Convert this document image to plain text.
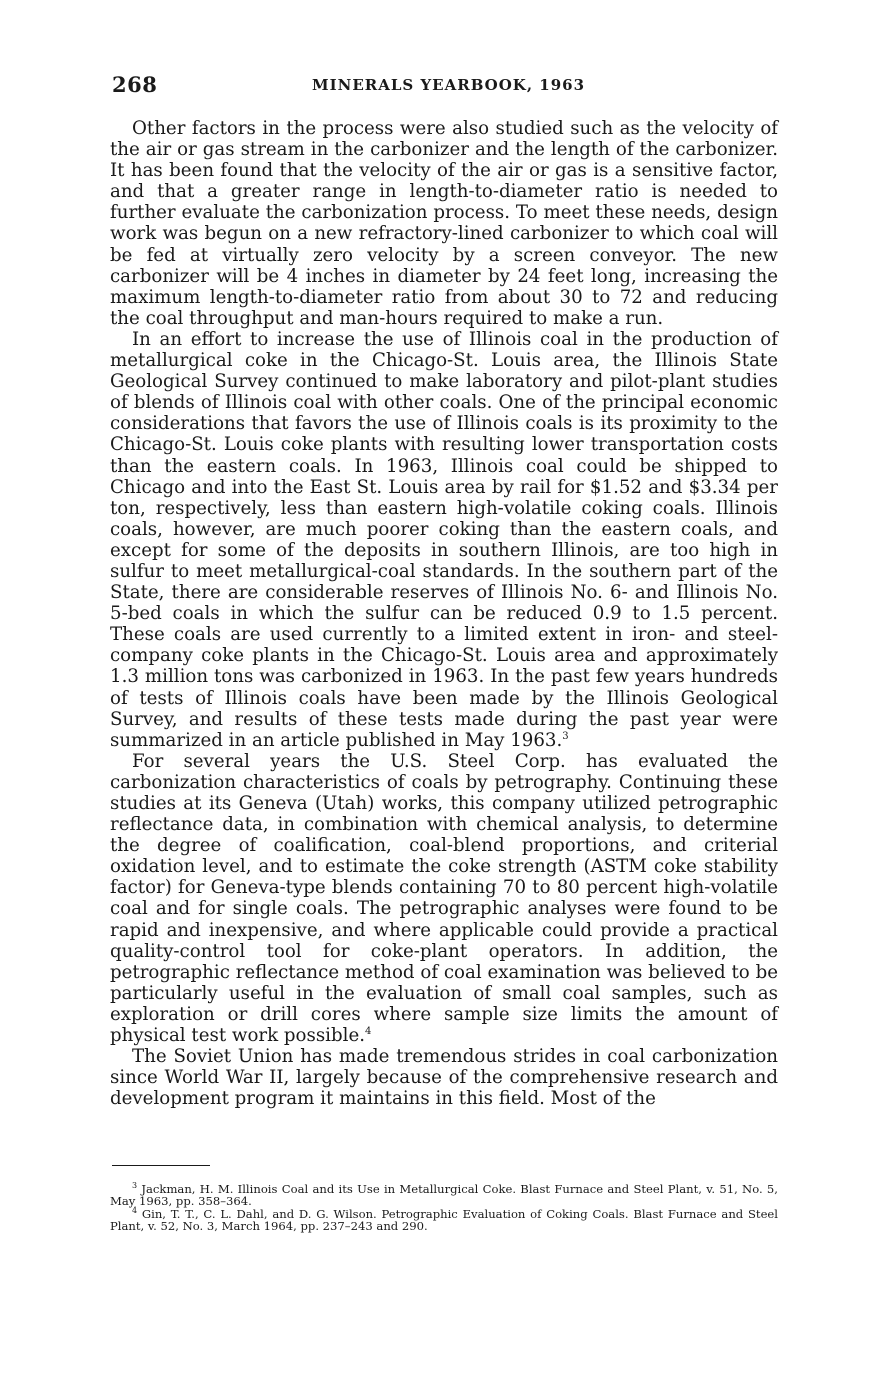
268	MINERALS YEARBOOK, 1963

Other factors in the process were also studied such as the velocity of the air or gas stream in the carbonizer and the length of the carbonizer. It has been found that the velocity of the air or gas is a sensitive factor, and that a greater range in length-to-diameter ratio is needed to further evaluate the carbonization process. To meet these needs, design work was begun on a new refractory-lined carbonizer to which coal will be fed at virtually zero velocity by a screen conveyor. The new carbonizer will be 4 inches in diameter by 24 feet long, increasing the maximum length-to-diameter ratio from about 30 to 72 and reducing the coal throughput and man-hours required to make a run.

In an effort to increase the use of Illinois coal in the production of metallurgical coke in the Chicago-St. Louis area, the Illinois State Geological Survey continued to make laboratory and pilot-plant studies of blends of Illinois coal with other coals. One of the principal economic considerations that favors the use of Illinois coals is its proximity to the Chicago-St. Louis coke plants with resulting lower transportation costs than the eastern coals. In 1963, Illinois coal could be shipped to Chicago and into the East St. Louis area by rail for $1.52 and $3.34 per ton, respectively, less than eastern high-volatile coking coals. Illinois coals, however, are much poorer coking than the eastern coals, and except for some of the deposits in southern Illinois, are too high in sulfur to meet metallurgical-coal standards. In the southern part of the State, there are considerable reserves of Illinois No. 6- and Illinois No. 5-bed coals in which the sulfur can be reduced 0.9 to 1.5 percent. These coals are used currently to a limited extent in iron- and steel-company coke plants in the Chicago-St. Louis area and approximately 1.3 million tons was carbonized in 1963. In the past few years hundreds of tests of Illinois coals have been made by the Illinois Geological Survey, and results of these tests made during the past year were summarized in an article published in May 1963.$^3$

For several years the U.S. Steel Corp. has evaluated the carbonization characteristics of coals by petrography. Continuing these studies at its Geneva (Utah) works, this company utilized petrographic reflectance data, in combination with chemical analysis, to determine the degree of coalification, coal-blend proportions, and criterial oxidation level, and to estimate the coke strength (ASTM coke stability factor) for Geneva-type blends containing 70 to 80 percent high-volatile coal and for single coals. The petrographic analyses were found to be rapid and inexpensive, and where applicable could provide a practical quality-control tool for coke-plant operators. In addition, the petrographic reflectance method of coal examination was believed to be particularly useful in the evaluation of small coal samples, such as exploration or drill cores where sample size limits the amount of physical test work possible.$^4$

The Soviet Union has made tremendous strides in coal carbonization since World War II, largely because of the comprehensive research and development program it maintains in this field. Most of the

$^3$ Jackman, H. M. Illinois Coal and its Use in Metallurgical Coke. Blast Furnace and Steel Plant, v. 51, No. 5, May 1963, pp. 358–364.

$^4$ Gin, T. T., C. L. Dahl, and D. G. Wilson. Petrographic Evaluation of Coking Coals. Blast Furnace and Steel Plant, v. 52, No. 3, March 1964, pp. 237–243 and 290.
